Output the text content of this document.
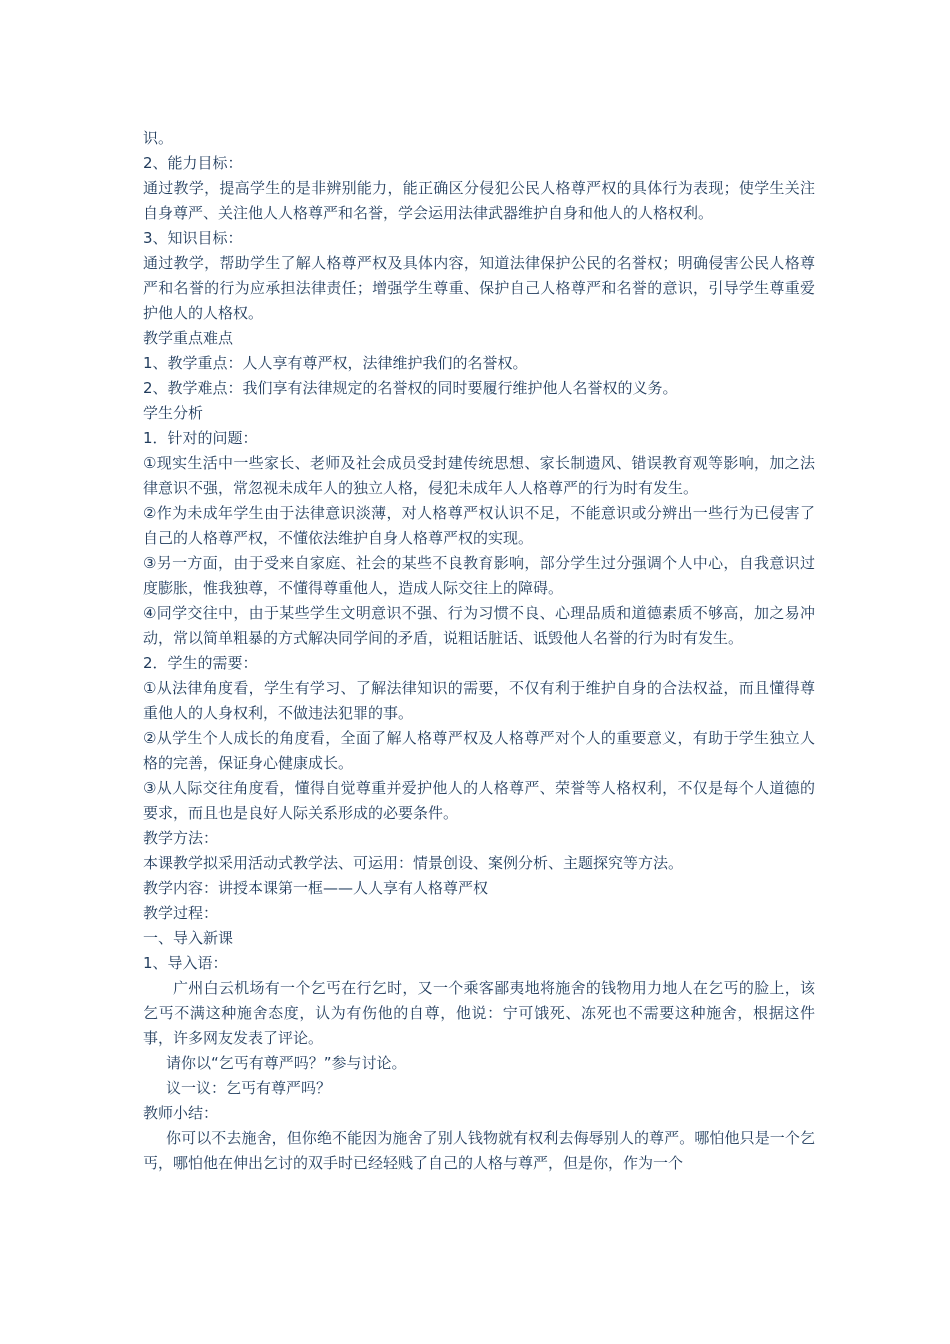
识。

2、能力目标：

通过教学，提高学生的是非辨别能力，能正确区分侵犯公民人格尊严权的具体行为表现；使学生关注自身尊严、关注他人人格尊严和名誉，学会运用法律武器维护自身和他人的人格权利。

3、知识目标：

通过教学，帮助学生了解人格尊严权及具体内容，知道法律保护公民的名誉权；明确侵害公民人格尊严和名誉的行为应承担法律责任；增强学生尊重、保护自己人格尊严和名誉的意识，引导学生尊重爱护他人的人格权。

教学重点难点

1、教学重点：人人享有尊严权，法律维护我们的名誉权。

2、教学难点：我们享有法律规定的名誉权的同时要履行维护他人名誉权的义务。

学生分析

1．针对的问题：

①现实生活中一些家长、老师及社会成员受封建传统思想、家长制遗风、错误教育观等影响，加之法律意识不强，常忽视未成年人的独立人格，侵犯未成年人人格尊严的行为时有发生。

②作为未成年学生由于法律意识淡薄，对人格尊严权认识不足，不能意识或分辨出一些行为已侵害了自己的人格尊严权，不懂依法维护自身人格尊严权的实现。

③另一方面，由于受来自家庭、社会的某些不良教育影响，部分学生过分强调个人中心，自我意识过度膨胀，惟我独尊，不懂得尊重他人，造成人际交往上的障碍。

④同学交往中，由于某些学生文明意识不强、行为习惯不良、心理品质和道德素质不够高，加之易冲动，常以简单粗暴的方式解决同学间的矛盾，说粗话脏话、诋毁他人名誉的行为时有发生。

2．学生的需要：

①从法律角度看，学生有学习、了解法律知识的需要，不仅有利于维护自身的合法权益，而且懂得尊重他人的人身权利，不做违法犯罪的事。

②从学生个人成长的角度看，全面了解人格尊严权及人格尊严对个人的重要意义，有助于学生独立人格的完善，保证身心健康成长。

③从人际交往角度看，懂得自觉尊重并爱护他人的人格尊严、荣誉等人格权利，不仅是每个人道德的要求，而且也是良好人际关系形成的必要条件。

教学方法：

本课教学拟采用活动式教学法、可运用：情景创设、案例分析、主题探究等方法。

教学内容：讲授本课第一框——人人享有人格尊严权

教学过程：

一、导入新课

1、导入语：

广州白云机场有一个乞丐在行乞时，又一个乘客鄙夷地将施舍的钱物用力地人在乞丐的脸上，该乞丐不满这种施舍态度，认为有伤他的自尊，他说：宁可饿死、冻死也不需要这种施舍，根据这件事，许多网友发表了评论。

请你以“乞丐有尊严吗？”参与讨论。

议一议：乞丐有尊严吗？

教师小结：

你可以不去施舍，但你绝不能因为施舍了别人钱物就有权利去侮辱别人的尊严。哪怕他只是一个乞丐，哪怕他在伸出乞讨的双手时已经轻贱了自己的人格与尊严，但是你，作为一个
